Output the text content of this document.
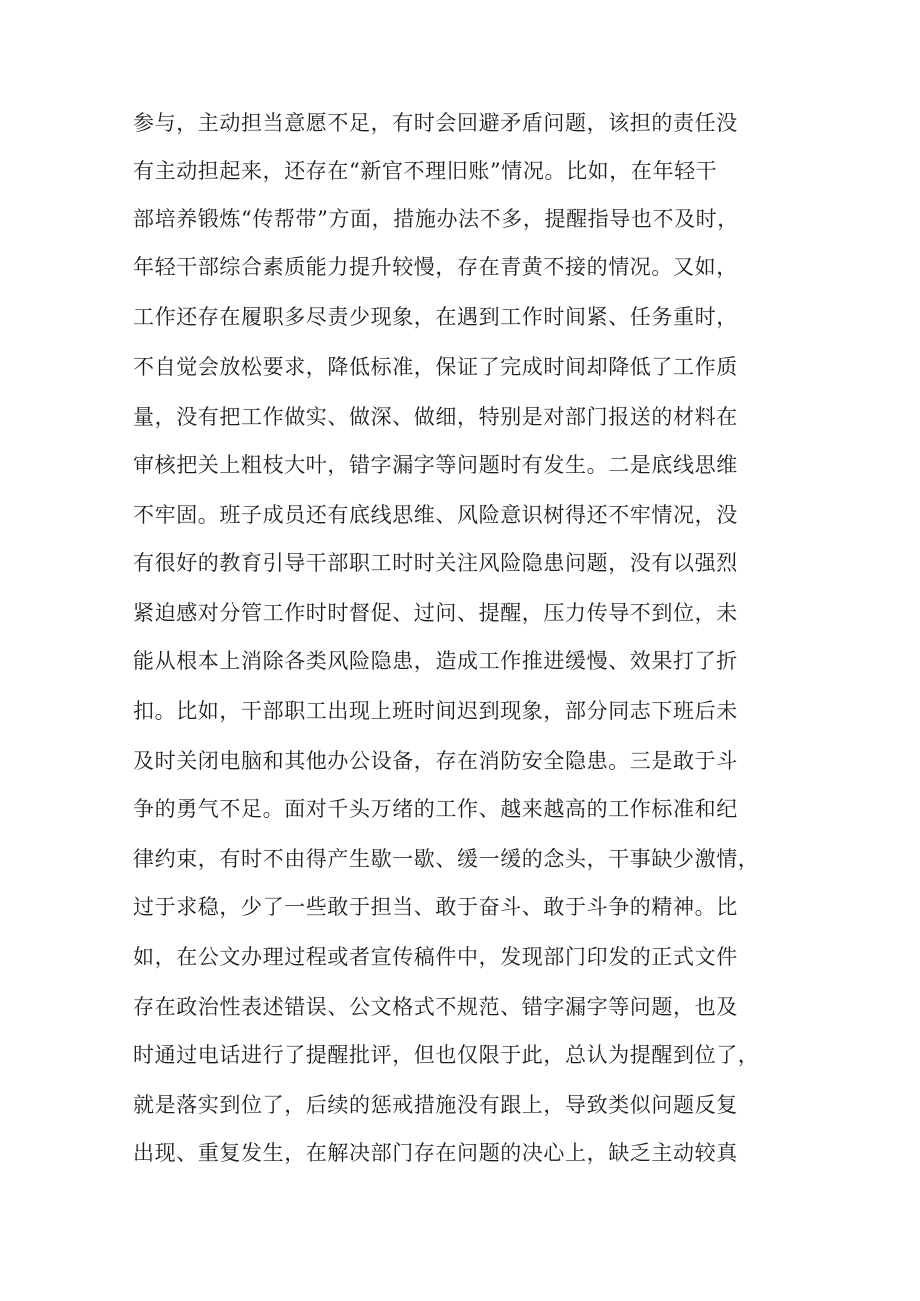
参与，主动担当意愿不足，有时会回避矛盾问题，该担的责任没
有主动担起来，还存在“新官不理旧账”情况。比如，在年轻干
部培养锻炼“传帮带”方面，措施办法不多，提醒指导也不及时，
年轻干部综合素质能力提升较慢，存在青黄不接的情况。又如，
工作还存在履职多尽责少现象，在遇到工作时间紧、任务重时，
不自觉会放松要求，降低标准，保证了完成时间却降低了工作质
量，没有把工作做实、做深、做细，特别是对部门报送的材料在
审核把关上粗枝大叶，错字漏字等问题时有发生。二是底线思维
不牢固。班子成员还有底线思维、风险意识树得还不牢情况，没
有很好的教育引导干部职工时时关注风险隐患问题，没有以强烈
紧迫感对分管工作时时督促、过问、提醒，压力传导不到位，未
能从根本上消除各类风险隐患，造成工作推进缓慢、效果打了折
扣。比如，干部职工出现上班时间迟到现象，部分同志下班后未
及时关闭电脑和其他办公设备，存在消防安全隐患。三是敢于斗
争的勇气不足。面对千头万绪的工作、越来越高的工作标准和纪
律约束，有时不由得产生歇一歇、缓一缓的念头，干事缺少激情，
过于求稳，少了一些敢于担当、敢于奋斗、敢于斗争的精神。比
如，在公文办理过程或者宣传稿件中，发现部门印发的正式文件
存在政治性表述错误、公文格式不规范、错字漏字等问题，也及
时通过电话进行了提醒批评，但也仅限于此，总认为提醒到位了，
就是落实到位了，后续的惩戒措施没有跟上，导致类似问题反复
出现、重复发生，在解决部门存在问题的决心上，缺乏主动较真
